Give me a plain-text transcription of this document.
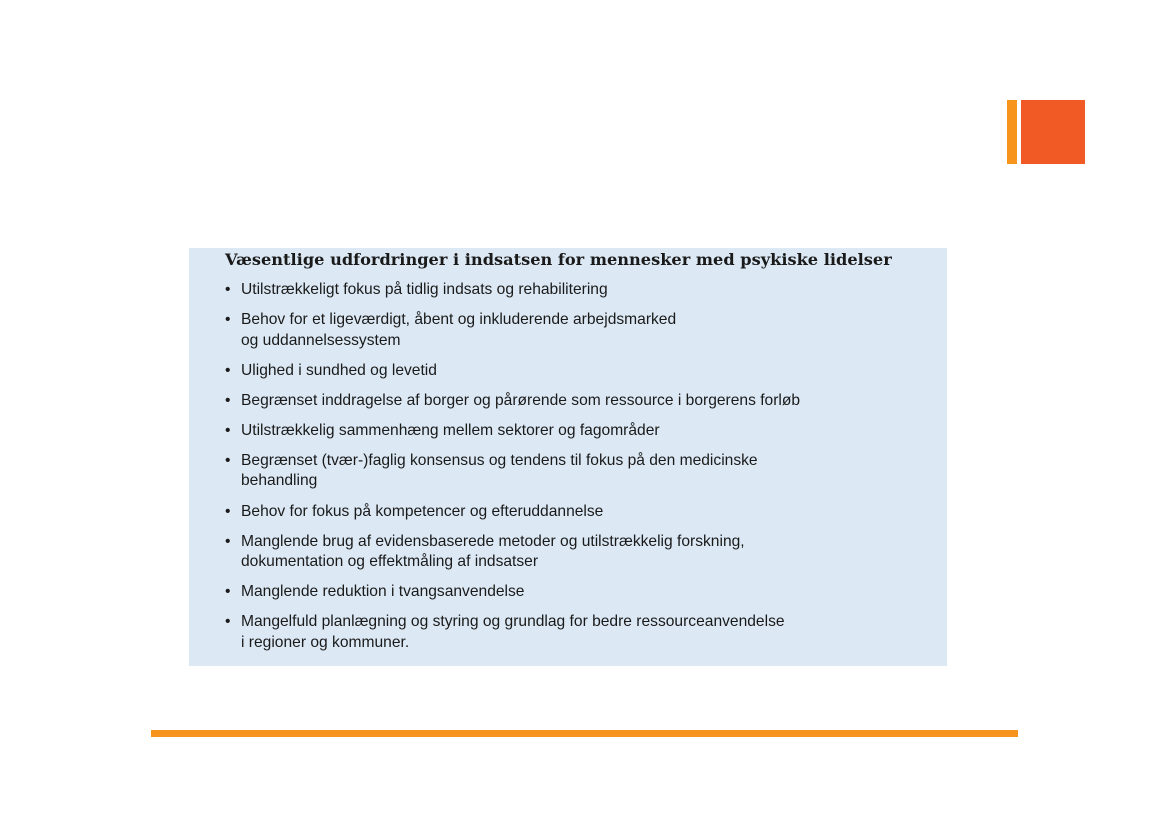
Væsentlige udfordringer i indsatsen for mennesker med psykiske lidelser
• Utilstrækkeligt fokus på tidlig indsats og rehabilitering
• Behov for et ligeværdigt, åbent og inkluderende arbejdsmarked
og uddannelsessystem
• Ulighed i sundhed og levetid
• Begrænset inddragelse af borger og pårørende som ressource i borgerens forløb
• Utilstrækkelig sammenhæng mellem sektorer og fagområder
• Begrænset (tvær-)faglig konsensus og tendens til fokus på den medicinske
behandling
• Behov for fokus på kompetencer og efteruddannelse
• Manglende brug af evidensbaserede metoder og utilstrækkelig forskning,
dokumentation og effektmåling af indsatser
• Manglende reduktion i tvangsanvendelse
• Mangelfuld planlægning og styring og grundlag for bedre ressourceanvendelse
i regioner og kommuner.
